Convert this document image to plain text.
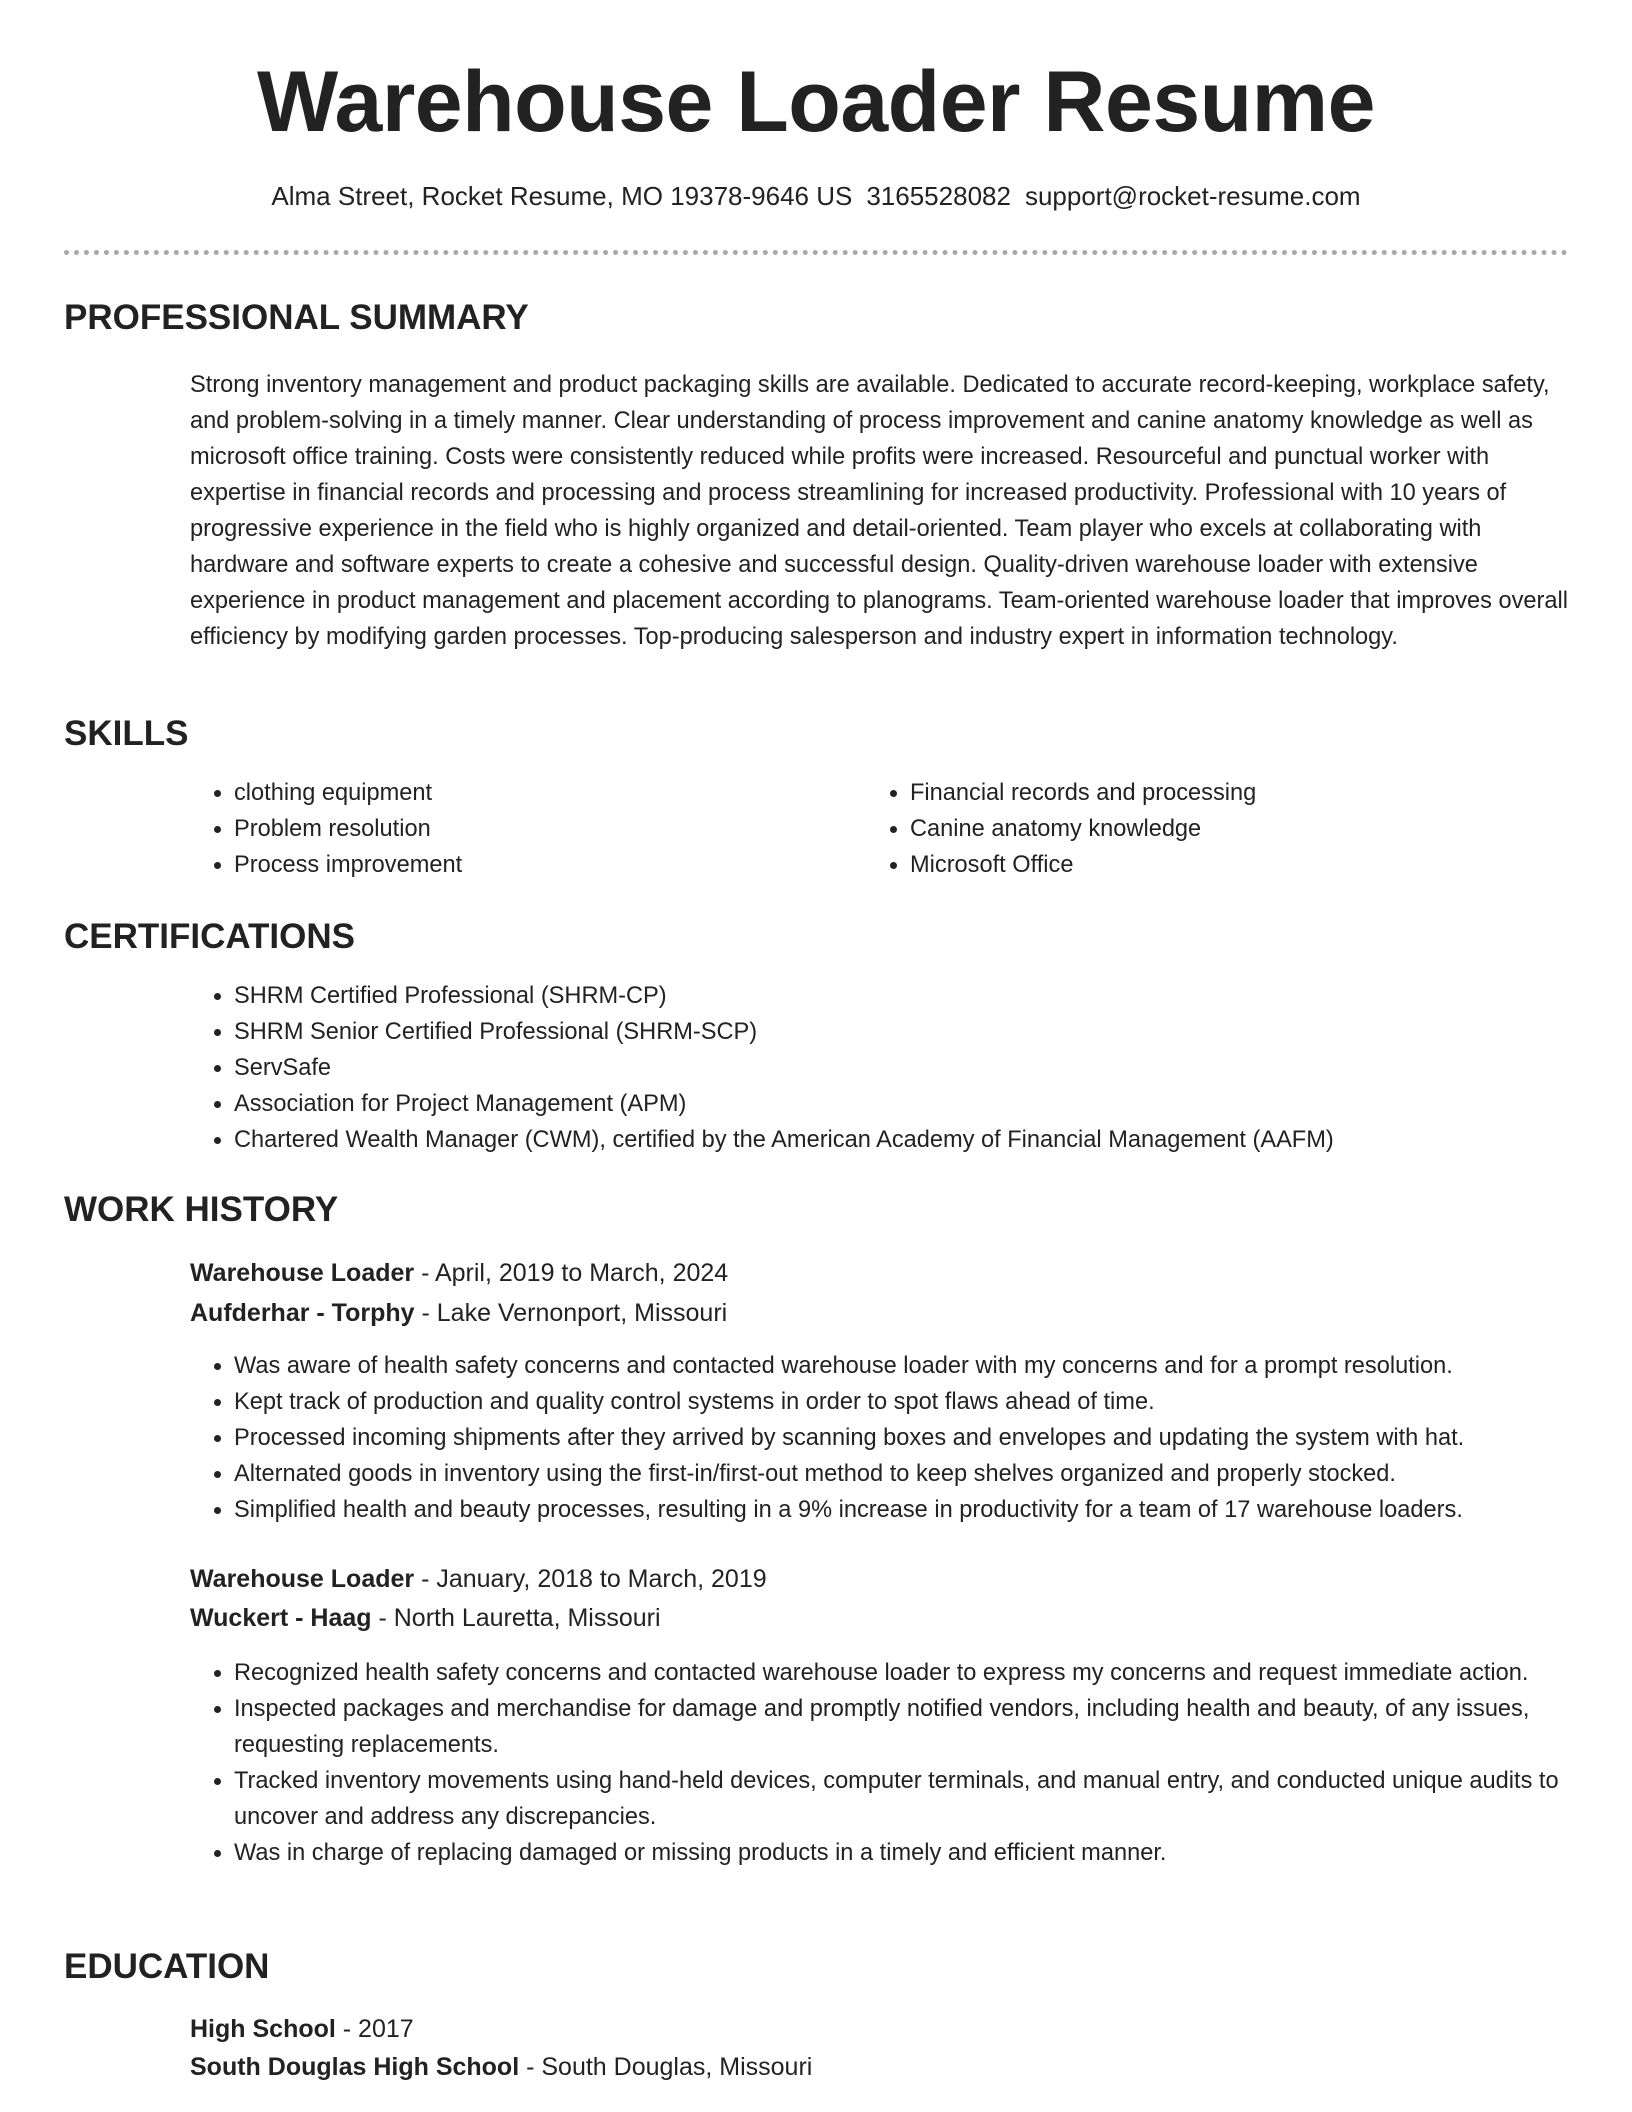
Warehouse Loader Resume
Alma Street, Rocket Resume, MO 19378-9646 US 3165528082 support@rocket-resume.com
PROFESSIONAL SUMMARY

Strong inventory management and product packaging skills are available. Dedicated to accurate record-keeping, workplace safety, and problem-solving in a timely manner. Clear understanding of process improvement and canine anatomy knowledge as well as microsoft office training. Costs were consistently reduced while profits were increased. Resourceful and punctual worker with expertise in financial records and processing and process streamlining for increased productivity. Professional with 10 years of progressive experience in the field who is highly organized and detail-oriented. Team player who excels at collaborating with hardware and software experts to create a cohesive and successful design. Quality-driven warehouse loader with extensive experience in product management and placement according to planograms. Team-oriented warehouse loader that improves overall efficiency by modifying garden processes. Top-producing salesperson and industry expert in information technology.

SKILLS
• clothing equipment
• Problem resolution
• Process improvement
• Financial records and processing
• Canine anatomy knowledge
• Microsoft Office
CERTIFICATIONS
• SHRM Certified Professional (SHRM-CP)
• SHRM Senior Certified Professional (SHRM-SCP)
• ServSafe
• Association for Project Management (APM)
• Chartered Wealth Manager (CWM), certified by the American Academy of Financial Management (AAFM)
WORK HISTORY
Warehouse Loader - April, 2019 to March, 2024
Aufderhar - Torphy - Lake Vernonport, Missouri
• Was aware of health safety concerns and contacted warehouse loader with my concerns and for a prompt resolution.
• Kept track of production and quality control systems in order to spot flaws ahead of time.
• Processed incoming shipments after they arrived by scanning boxes and envelopes and updating the system with hat.
• Alternated goods in inventory using the first-in/first-out method to keep shelves organized and properly stocked.
• Simplified health and beauty processes, resulting in a 9% increase in productivity for a team of 17 warehouse loaders.
Warehouse Loader - January, 2018 to March, 2019
Wuckert - Haag - North Lauretta, Missouri
• Recognized health safety concerns and contacted warehouse loader to express my concerns and request immediate action.
• Inspected packages and merchandise for damage and promptly notified vendors, including health and beauty, of any issues, requesting replacements.
• Tracked inventory movements using hand-held devices, computer terminals, and manual entry, and conducted unique audits to uncover and address any discrepancies.
• Was in charge of replacing damaged or missing products in a timely and efficient manner.
EDUCATION
High School - 2017
South Douglas High School - South Douglas, Missouri
